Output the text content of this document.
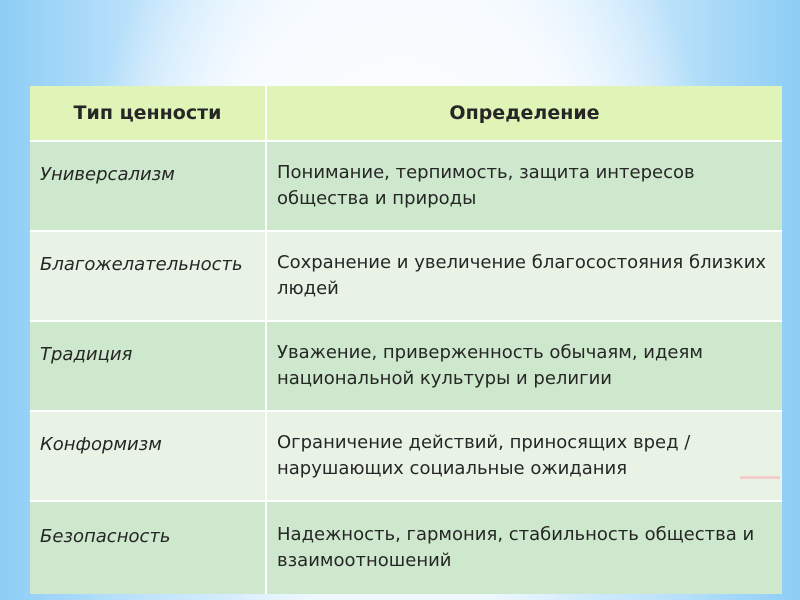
Тип ценности	Определение
Универсализм	Понимание, терпимость, защита интересов общества и природы
Благожелательность	Сохранение и увеличение благосостояния близких людей
Традиция	Уважение, приверженность обычаям, идеям национальной культуры и религии
Конформизм	Ограничение действий, приносящих вред / нарушающих социальные ожидания
Безопасность	Надежность, гармония, стабильность общества и взаимоотношений
